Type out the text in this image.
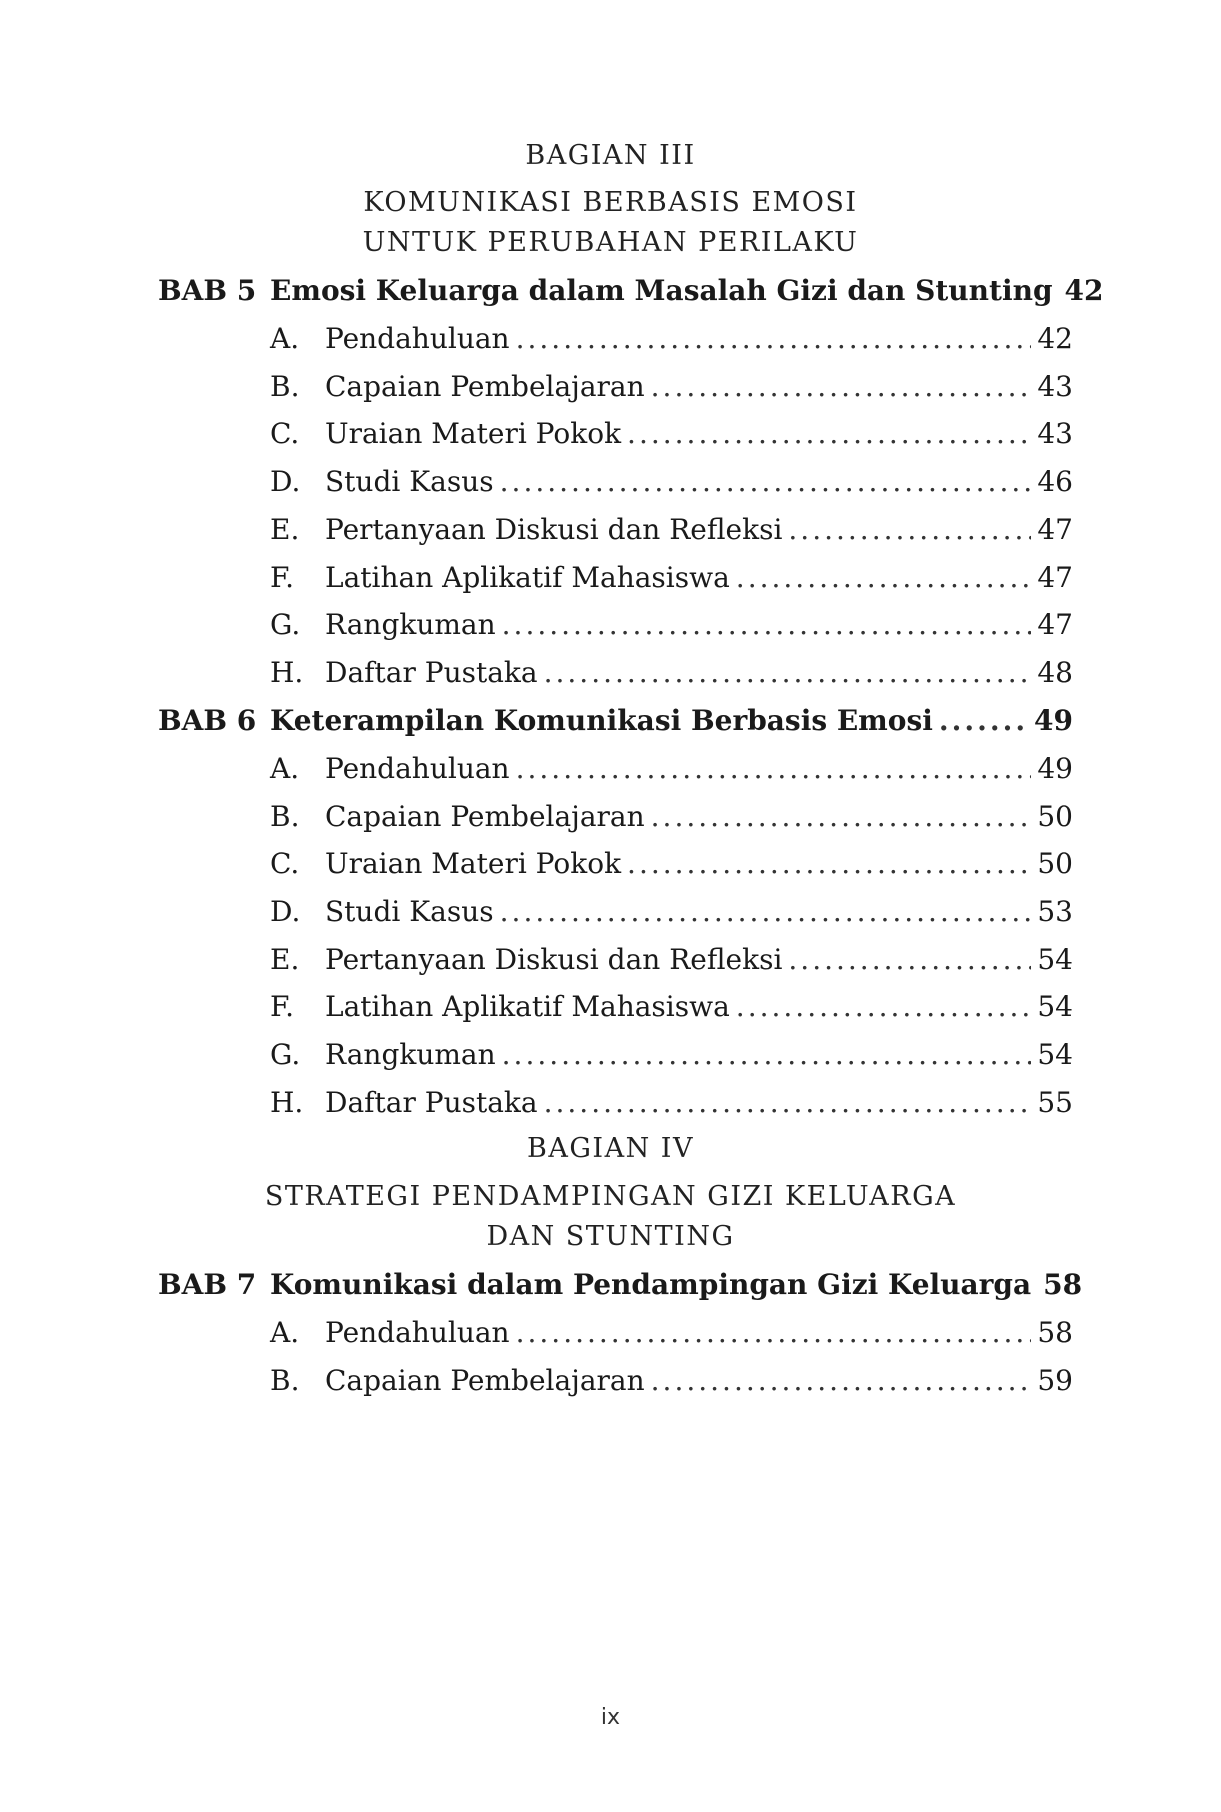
BAGIAN III
KOMUNIKASI BERBASIS EMOSI
UNTUK PERUBAHAN PERILAKU
BAB 5 Emosi Keluarga dalam Masalah Gizi dan Stunting 42
A. Pendahuluan .....	42
B. Capaian Pembelajaran .....	43
C. Uraian Materi Pokok .....	43
D. Studi Kasus .....	46
E. Pertanyaan Diskusi dan Refleksi .....	47
F. Latihan Aplikatif Mahasiswa .....	47
G. Rangkuman .....	47
H. Daftar Pustaka .....	48
BAB 6 Keterampilan Komunikasi Berbasis Emosi .....	49
A. Pendahuluan .....	49
B. Capaian Pembelajaran .....	50
C. Uraian Materi Pokok .....	50
D. Studi Kasus .....	53
E. Pertanyaan Diskusi dan Refleksi .....	54
F. Latihan Aplikatif Mahasiswa .....	54
G. Rangkuman .....	54
H. Daftar Pustaka .....	55
BAGIAN IV
STRATEGI PENDAMPINGAN GIZI KELUARGA
DAN STUNTING
BAB 7 Komunikasi dalam Pendampingan Gizi Keluarga 58
A. Pendahuluan .....	58
B. Capaian Pembelajaran .....	59
ix
